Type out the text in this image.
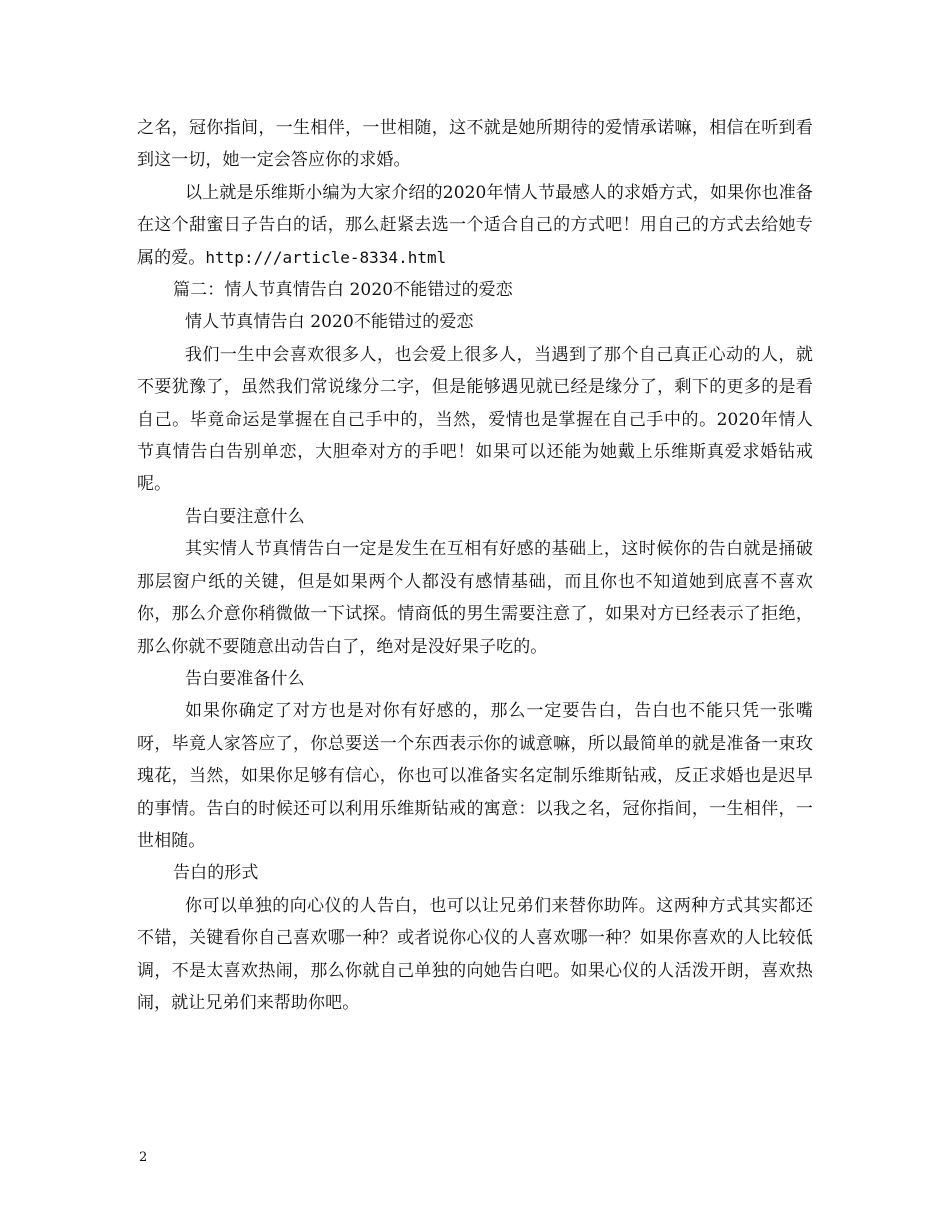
之名，冠你指间，一生相伴，一世相随，这不就是她所期待的爱情承诺嘛，相信在听到看到这一切，她一定会答应你的求婚。

以上就是乐维斯小编为大家介绍的2020年情人节最感人的求婚方式，如果你也准备在这个甜蜜日子告白的话，那么赶紧去选一个适合自己的方式吧！用自己的方式去给她专属的爱。http:///article-8334.html

篇二：情人节真情告白 2020不能错过的爱恋

情人节真情告白 2020不能错过的爱恋

我们一生中会喜欢很多人，也会爱上很多人，当遇到了那个自己真正心动的人，就不要犹豫了，虽然我们常说缘分二字，但是能够遇见就已经是缘分了，剩下的更多的是看自己。毕竟命运是掌握在自己手中的，当然，爱情也是掌握在自己手中的。2020年情人节真情告白告别单恋，大胆牵对方的手吧！如果可以还能为她戴上乐维斯真爱求婚钻戒呢。

告白要注意什么

其实情人节真情告白一定是发生在互相有好感的基础上，这时候你的告白就是捅破那层窗户纸的关键，但是如果两个人都没有感情基础，而且你也不知道她到底喜不喜欢你，那么介意你稍微做一下试探。情商低的男生需要注意了，如果对方已经表示了拒绝，那么你就不要随意出动告白了，绝对是没好果子吃的。

告白要准备什么

如果你确定了对方也是对你有好感的，那么一定要告白，告白也不能只凭一张嘴呀，毕竟人家答应了，你总要送一个东西表示你的诚意嘛，所以最简单的就是准备一束玫瑰花，当然，如果你足够有信心，你也可以准备实名定制乐维斯钻戒，反正求婚也是迟早的事情。告白的时候还可以利用乐维斯钻戒的寓意：以我之名，冠你指间，一生相伴，一世相随。

告白的形式

你可以单独的向心仪的人告白，也可以让兄弟们来替你助阵。这两种方式其实都还不错，关键看你自己喜欢哪一种？或者说你心仪的人喜欢哪一种？如果你喜欢的人比较低调，不是太喜欢热闹，那么你就自己单独的向她告白吧。如果心仪的人活泼开朗，喜欢热闹，就让兄弟们来帮助你吧。

2
